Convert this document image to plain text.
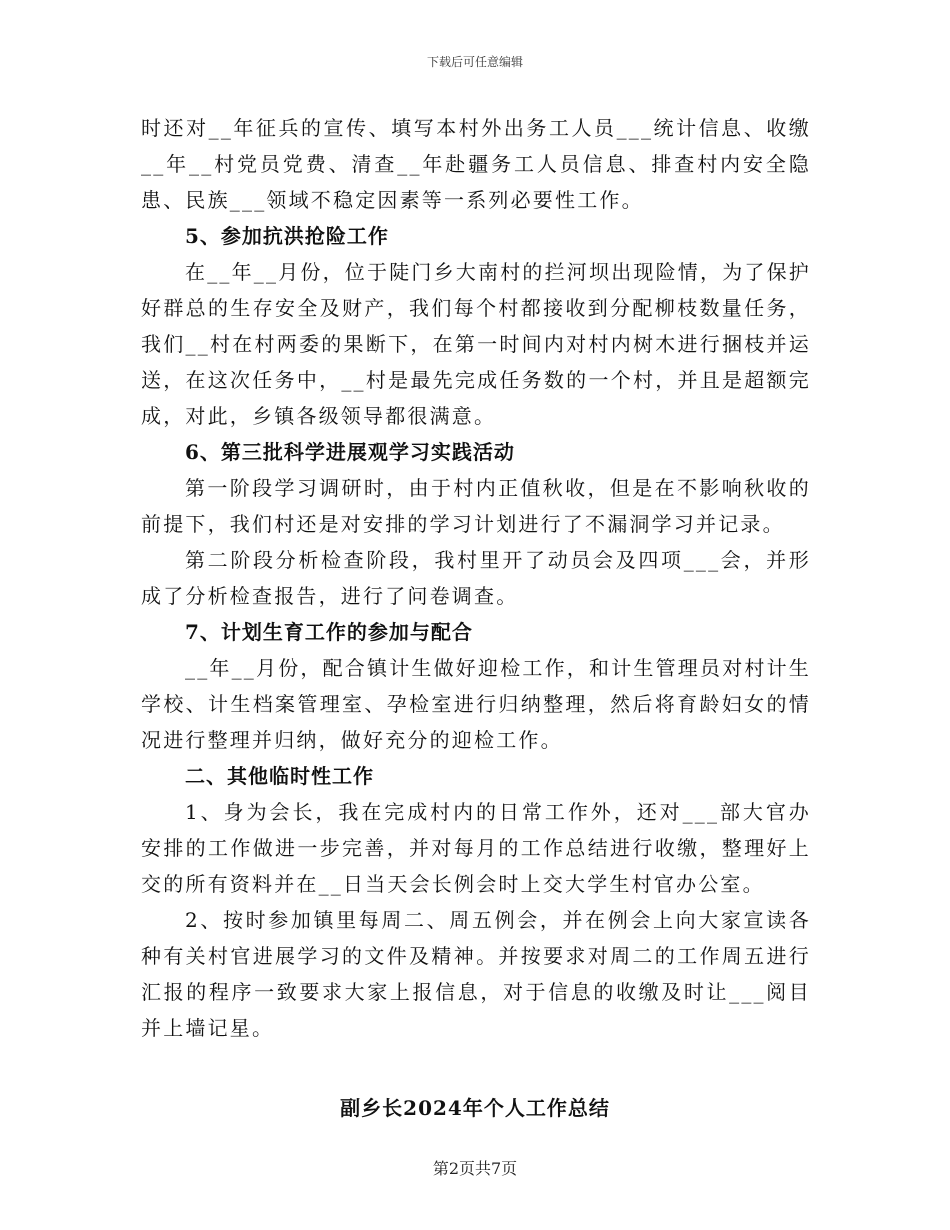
下载后可任意编辑

时还对__年征兵的宣传、填写本村外出务工人员___统计信息、收缴__年__村党员党费、清查__年赴疆务工人员信息、排查村内安全隐患、民族___领域不稳定因素等一系列必要性工作。

5、参加抗洪抢险工作

在__年__月份，位于陡门乡大南村的拦河坝出现险情，为了保护好群总的生存安全及财产，我们每个村都接收到分配柳枝数量任务，我们__村在村两委的果断下，在第一时间内对村内树木进行捆枝并运送，在这次任务中，__村是最先完成任务数的一个村，并且是超额完成，对此，乡镇各级领导都很满意。

6、第三批科学进展观学习实践活动

第一阶段学习调研时，由于村内正值秋收，但是在不影响秋收的前提下，我们村还是对安排的学习计划进行了不漏洞学习并记录。

第二阶段分析检查阶段，我村里开了动员会及四项___会，并形成了分析检查报告，进行了问卷调查。

7、计划生育工作的参加与配合

__年__月份，配合镇计生做好迎检工作，和计生管理员对村计生学校、计生档案管理室、孕检室进行归纳整理，然后将育龄妇女的情况进行整理并归纳，做好充分的迎检工作。

二、其他临时性工作

1、身为会长，我在完成村内的日常工作外，还对___部大官办安排的工作做进一步完善，并对每月的工作总结进行收缴，整理好上交的所有资料并在__日当天会长例会时上交大学生村官办公室。

2、按时参加镇里每周二、周五例会，并在例会上向大家宣读各种有关村官进展学习的文件及精神。并按要求对周二的工作周五进行汇报的程序一致要求大家上报信息，对于信息的收缴及时让___阅目并上墙记星。

副乡长2024年个人工作总结
第2页共7页
